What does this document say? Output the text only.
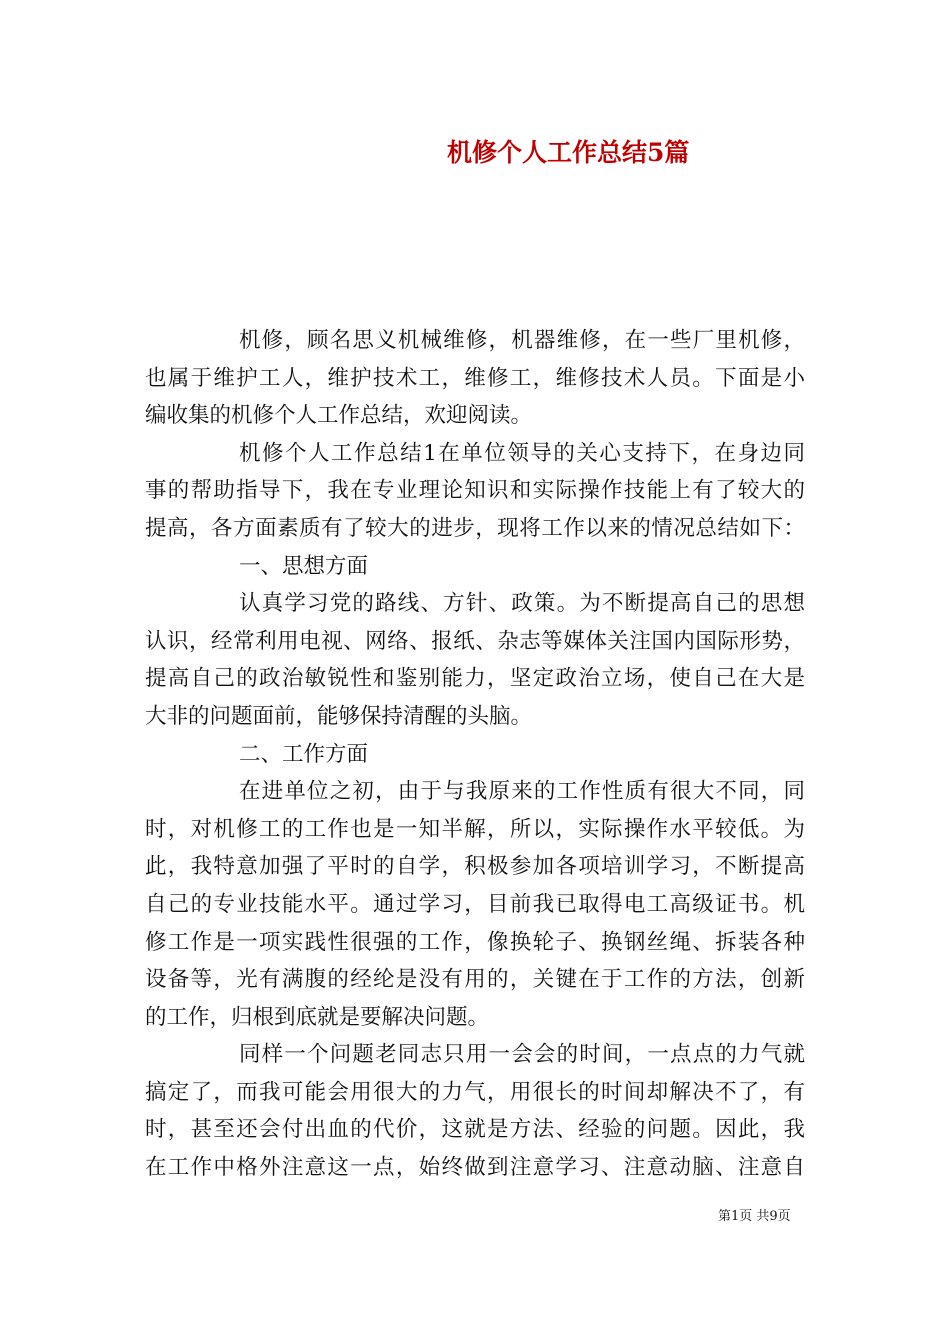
机修个人工作总结5篇
机修，顾名思义机械维修，机器维修，在一些厂里机修，
也属于维护工人，维护技术工，维修工，维修技术人员。下面是小
编收集的机修个人工作总结，欢迎阅读。
机修个人工作总结1在单位领导的关心支持下，在身边同
事的帮助指导下，我在专业理论知识和实际操作技能上有了较大的
提高，各方面素质有了较大的进步，现将工作以来的情况总结如下：
一、思想方面
认真学习党的路线、方针、政策。为不断提高自己的思想
认识，经常利用电视、网络、报纸、杂志等媒体关注国内国际形势，
提高自己的政治敏锐性和鉴别能力，坚定政治立场，使自己在大是
大非的问题面前，能够保持清醒的头脑。
二、工作方面
在进单位之初，由于与我原来的工作性质有很大不同，同
时，对机修工的工作也是一知半解，所以，实际操作水平较低。为
此，我特意加强了平时的自学，积极参加各项培训学习，不断提高
自己的专业技能水平。通过学习，目前我已取得电工高级证书。机
修工作是一项实践性很强的工作，像换轮子、换钢丝绳、拆装各种
设备等，光有满腹的经纶是没有用的，关键在于工作的方法，创新
的工作，归根到底就是要解决问题。
同样一个问题老同志只用一会会的时间，一点点的力气就
搞定了，而我可能会用很大的力气，用很长的时间却解决不了，有
时，甚至还会付出血的代价，这就是方法、经验的问题。因此，我
在工作中格外注意这一点，始终做到注意学习、注意动脑、注意自
第1页 共9页
